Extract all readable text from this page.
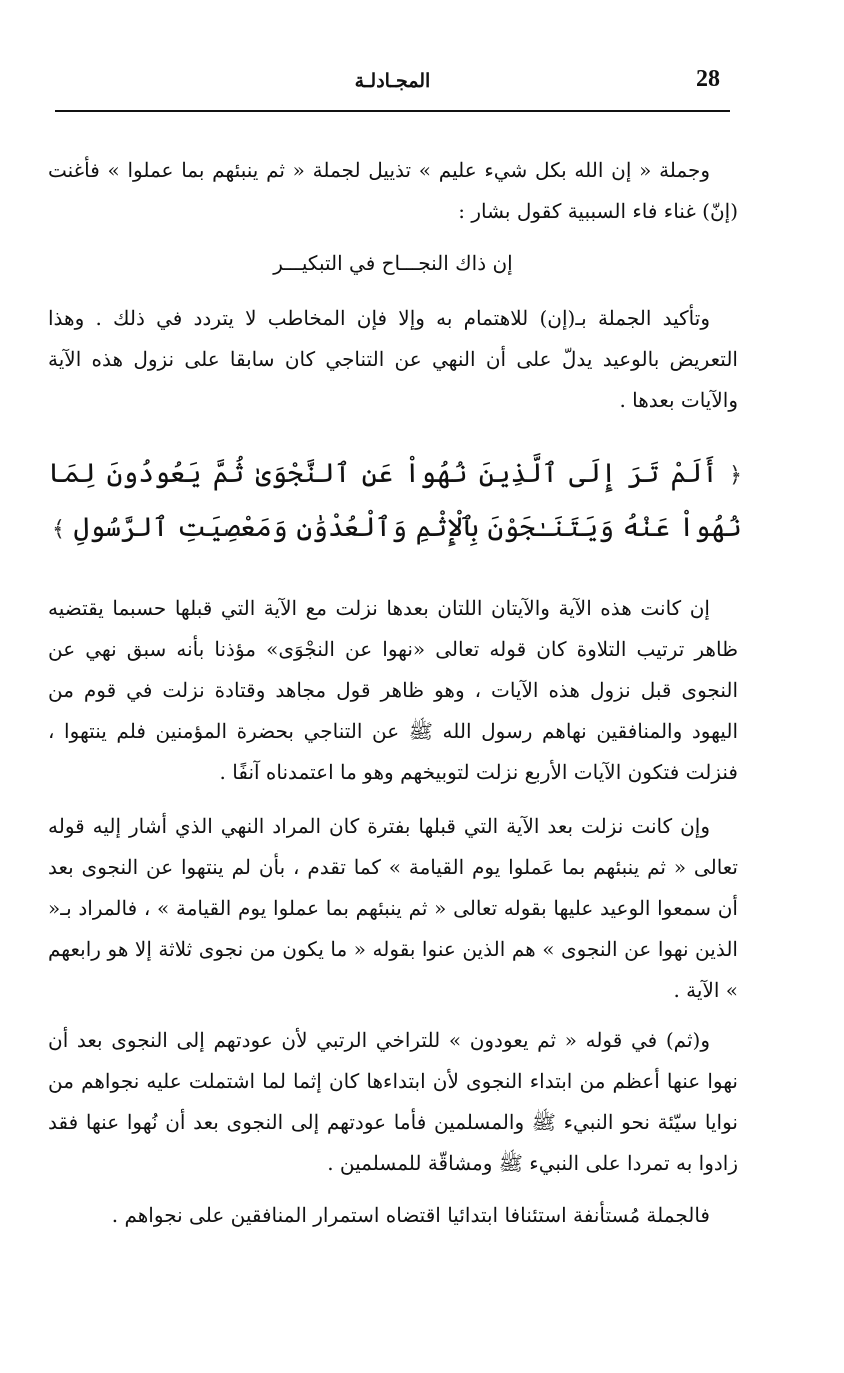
المجـادلـة	28

وجملة « إن الله بكل شيء عليم » تذييل لجملة « ثم ينبئهم بما عملوا » فأغنت (إنّ) غناء فاء السببية كقول بشار :

إن ذاك النجـــاح في التبكيـــر

وتأكيد الجملة بـ(إن) للاهتمام به وإلا فإن المخاطب لا يتردد في ذلك . وهذا التعريض بالوعيد يدلّ على أن النهي عن التناجي كان سابقا على نزول هذه الآية والآيات بعدها .

﴿ أَلَمْ تَرَ إِلَى ٱلَّذِينَ نُهُواْ عَنِ ٱلنَّجْوَىٰ ثُمَّ يَعُودُونَ لِمَا نُهُواْ عَنْهُ وَيَتَنَـٰجَوْنَ بِٱلْإِثْمِ وَٱلْعُدْوَٰنِ وَمَعْصِيَتِ ٱلرَّسُولِ ﴾

إن كانت هذه الآية والآيتان اللتان بعدها نزلت مع الآية التي قبلها حسبما يقتضيه ظاهر ترتيب التلاوة كان قوله تعالى «نهوا عن النجْوَى» مؤذنا بأنه سبق نهي عن النجوى قبل نزول هذه الآيات ، وهو ظاهر قول مجاهد وقتادة نزلت في قوم من اليهود والمنافقين نهاهم رسول الله ﷺ عن التناجي بحضرة المؤمنين فلم ينتهوا ، فنزلت فتكون الآيات الأربع نزلت لتوبيخهم وهو ما اعتمدناه آنفًا .

وإن كانت نزلت بعد الآية التي قبلها بفترة كان المراد النهي الذي أشار إليه قوله تعالى « ثم ينبئهم بما عَملوا يوم القيامة » كما تقدم ، بأن لم ينتهوا عن النجوى بعد أن سمعوا الوعيد عليها بقوله تعالى « ثم ينبئهم بما عملوا يوم القيامة » ، فالمراد بـ« الذين نهوا عن النجوى » هم الذين عنوا بقوله « ما يكون من نجوى ثلاثة إلا هو رابعهم » الآية .

و(ثم) في قوله « ثم يعودون » للتراخي الرتبي لأن عودتهم إلى النجوى بعد أن نهوا عنها أعظم من ابتداء النجوى لأن ابتداءها كان إثما لما اشتملت عليه نجواهم من نوايا سيّئة نحو النبيء ﷺ والمسلمين فأما عودتهم إلى النجوى بعد أن نُهوا عنها فقد زادوا به تمردا على النبيء ﷺ ومشاقّة للمسلمين .

فالجملة مُستأنفة استئنافا ابتدائيا اقتضاه استمرار المنافقين على نجواهم .
